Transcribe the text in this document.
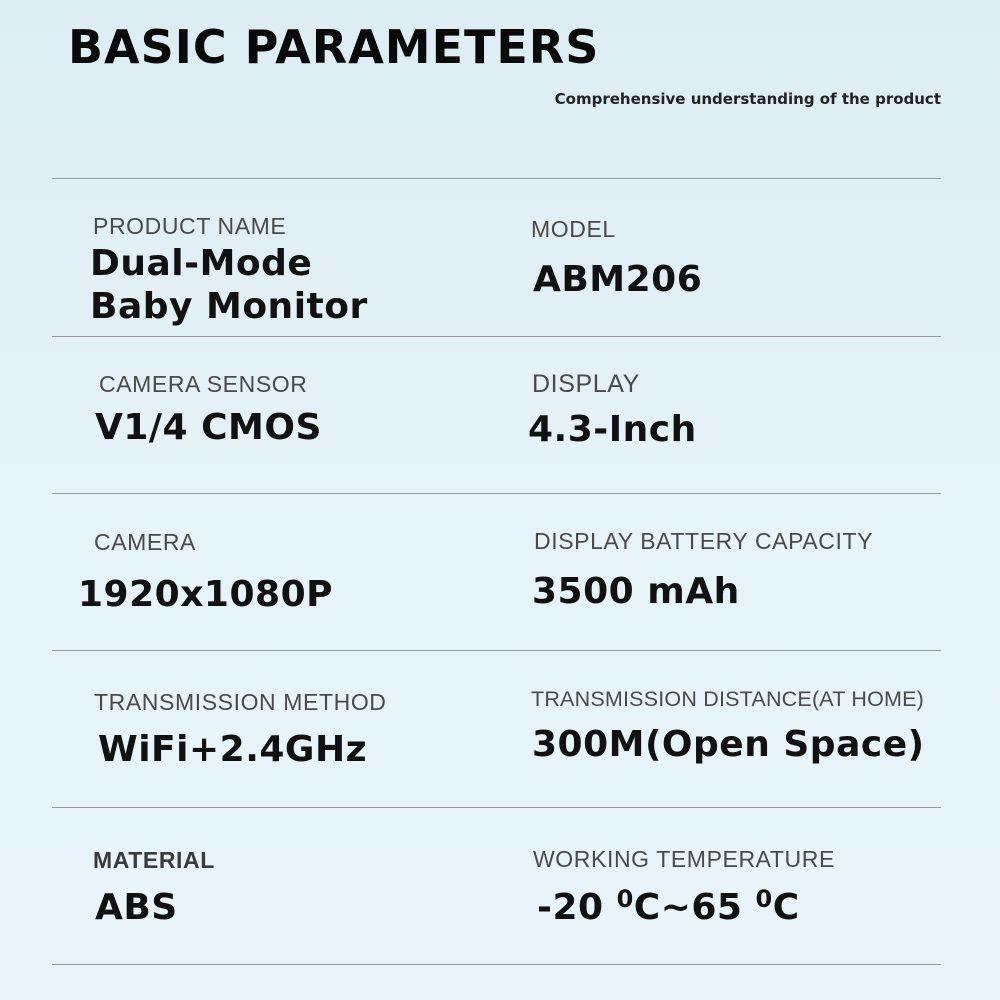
BASIC PARAMETERS
Comprehensive understanding of the product
PRODUCT NAME
Dual-Mode
Baby Monitor
MODEL
ABM206
CAMERA SENSOR
V1/4 CMOS
DISPLAY
4.3-Inch
CAMERA
1920x1080P
DISPLAY BATTERY CAPACITY
3500 mAh
TRANSMISSION METHOD
WiFi+2.4GHz
TRANSMISSION DISTANCE(AT HOME)
300M(Open Space)
MATERIAL
ABS
WORKING TEMPERATURE
-20 $^0$C~65 $^0$C
